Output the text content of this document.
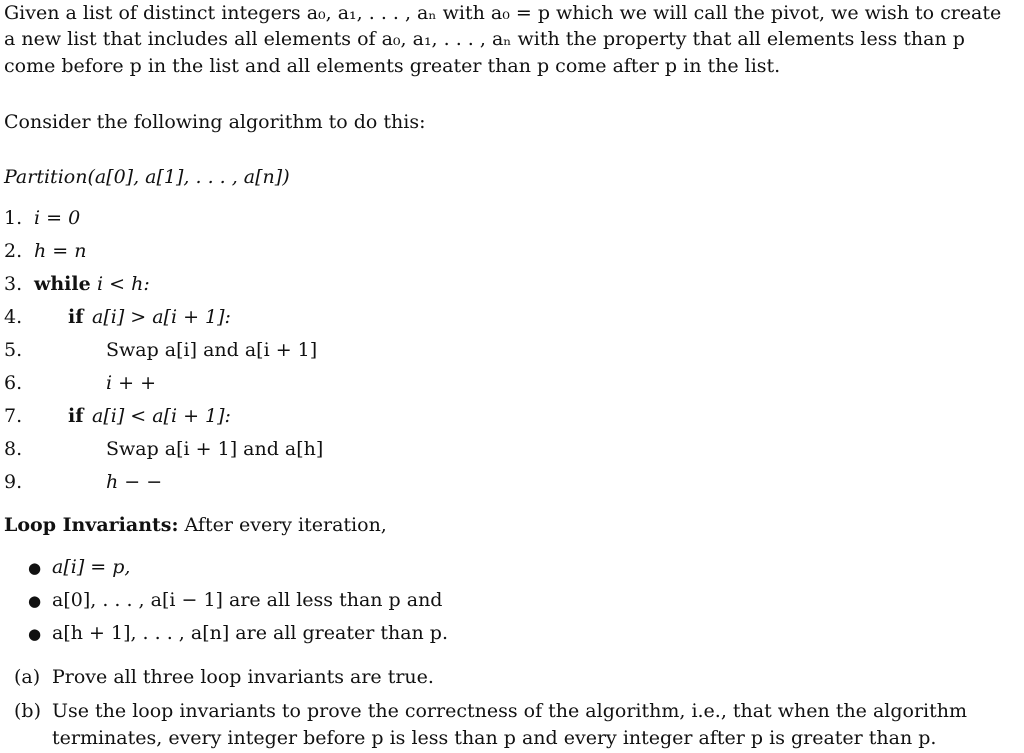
Given a list of distinct integers a₀, a₁, . . . , aₙ with a₀ = p which we will call the pivot, we wish to create
a new list that includes all elements of a₀, a₁, . . . , aₙ with the property that all elements less than p
come before p in the list and all elements greater than p come after p in the list.
Consider the following algorithm to do this:
Partition(a[0], a[1], . . . , a[n])
1. i = 0
2. h = n
3. while i < h:
4. if a[i] > a[i + 1]:
5.	Swap a[i] and a[i + 1]
6.	i + +
7. if a[i] < a[i + 1]:
8.	Swap a[i + 1] and a[h]
9.	h − −
Loop Invariants: After every iteration,
● a[i] = p,
● a[0], . . . , a[i − 1] are all less than p and
● a[h + 1], . . . , a[n] are all greater than p.
(a) Prove all three loop invariants are true.
(b) Use the loop invariants to prove the correctness of the algorithm, i.e., that when the algorithm
terminates, every integer before p is less than p and every integer after p is greater than p.
